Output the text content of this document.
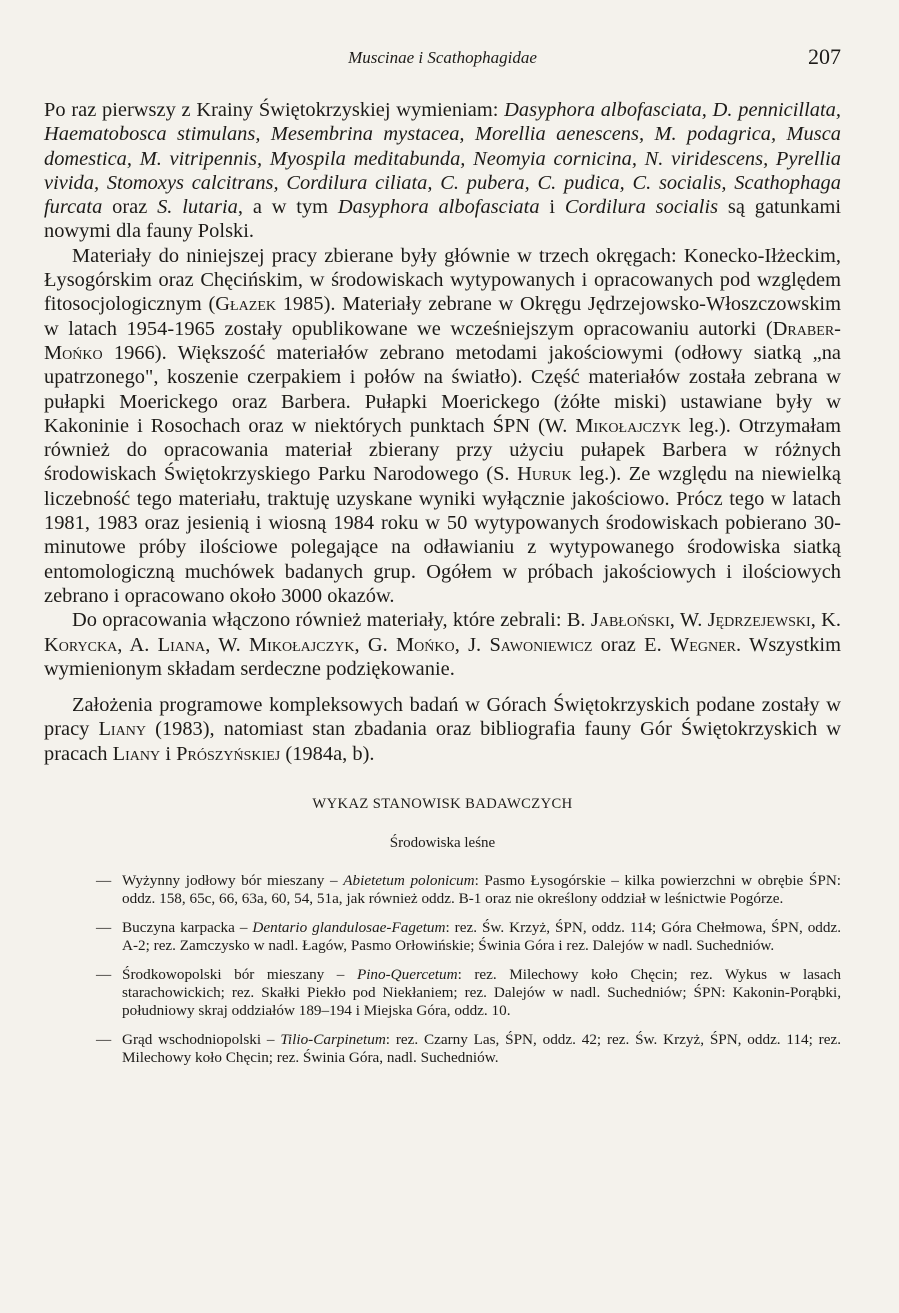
Muscinae i Scathophagidae	207

Po raz pierwszy z Krainy Świętokrzyskiej wymieniam: Dasyphora albofasciata, D. pennicillata, Haematobosca stimulans, Mesembrina mystacea, Morellia aenescens, M. podagrica, Musca domestica, M. vitripennis, Myospila meditabunda, Neomyia cornicina, N. viridescens, Pyrellia vivida, Stomoxys calcitrans, Cordilura ciliata, C. pubera, C. pudica, C. socialis, Scathophaga furcata oraz S. lutaria, a w tym Dasyphora albofasciata i Cordilura socialis są gatunkami nowymi dla fauny Polski.

Materiały do niniejszej pracy zbierane były głównie w trzech okręgach: Konecko-Iłżeckim, Łysogórskim oraz Chęcińskim, w środowiskach wytypowanych i opracowanych pod względem fitosocjologicznym (Głazek 1985). Materiały zebrane w Okręgu Jędrzejowsko-Włoszczowskim w latach 1954-1965 zostały opublikowane we wcześniejszym opracowaniu autorki (Draber-Mońko 1966). Większość materiałów zebrano metodami jakościowymi (odłowy siatką „na upatrzonego", koszenie czerpakiem i połów na światło). Część materiałów została zebrana w pułapki Moerickego oraz Barbera. Pułapki Moerickego (żółte miski) ustawiane były w Kakoninie i Rosochach oraz w niektórych punktach ŚPN (W. Mikołajczyk leg.). Otrzymałam również do opracowania materiał zbierany przy użyciu pułapek Barbera w różnych środowiskach Świętokrzyskiego Parku Narodowego (S. Huruk leg.). Ze względu na niewielką liczebność tego materiału, traktuję uzyskane wyniki wyłącznie jakościowo. Prócz tego w latach 1981, 1983 oraz jesienią i wiosną 1984 roku w 50 wytypowanych środowiskach pobierano 30-minutowe próby ilościowe polegające na odławianiu z wytypowanego środowiska siatką entomologiczną muchówek badanych grup. Ogółem w próbach jakościowych i ilościowych zebrano i opracowano około 3000 okazów.

Do opracowania włączono również materiały, które zebrali: B. Jabłoński, W. Jędrzejewski, K. Korycka, A. Liana, W. Mikołajczyk, G. Mońko, J. Sawoniewicz oraz E. Wegner. Wszystkim wymienionym składam serdeczne podziękowanie.

Założenia programowe kompleksowych badań w Górach Świętokrzyskich podane zostały w pracy Liany (1983), natomiast stan zbadania oraz bibliografia fauny Gór Świętokrzyskich w pracach Liany i Prószyńskiej (1984a, b).

WYKAZ STANOWISK BADAWCZYCH
Środowiska leśne
— Wyżynny jodłowy bór mieszany – Abietetum polonicum: Pasmo Łysogórskie – kilka powierzchni w obrębie ŚPN: oddz. 158, 65c, 66, 63a, 60, 54, 51a, jak również oddz. B-1 oraz nie określony oddział w leśnictwie Pogórze.
— Buczyna karpacka – Dentario glandulosae-Fagetum: rez. Św. Krzyż, ŚPN, oddz. 114; Góra Chełmowa, ŚPN, oddz. A-2; rez. Zamczysko w nadl. Łagów, Pasmo Orłowińskie; Świnia Góra i rez. Dalejów w nadl. Suchedniów.
— Środkowopolski bór mieszany – Pino-Quercetum: rez. Milechowy koło Chęcin; rez. Wykus w lasach starachowickich; rez. Skałki Piekło pod Niekłaniem; rez. Dalejów w nadl. Suchedniów; ŚPN: Kakonin-Porąbki, południowy skraj oddziałów 189–194 i Miejska Góra, oddz. 10.
— Grąd wschodniopolski – Tilio-Carpinetum: rez. Czarny Las, ŚPN, oddz. 42; rez. Św. Krzyż, ŚPN, oddz. 114; rez. Milechowy koło Chęcin; rez. Świnia Góra, nadl. Suchedniów.
